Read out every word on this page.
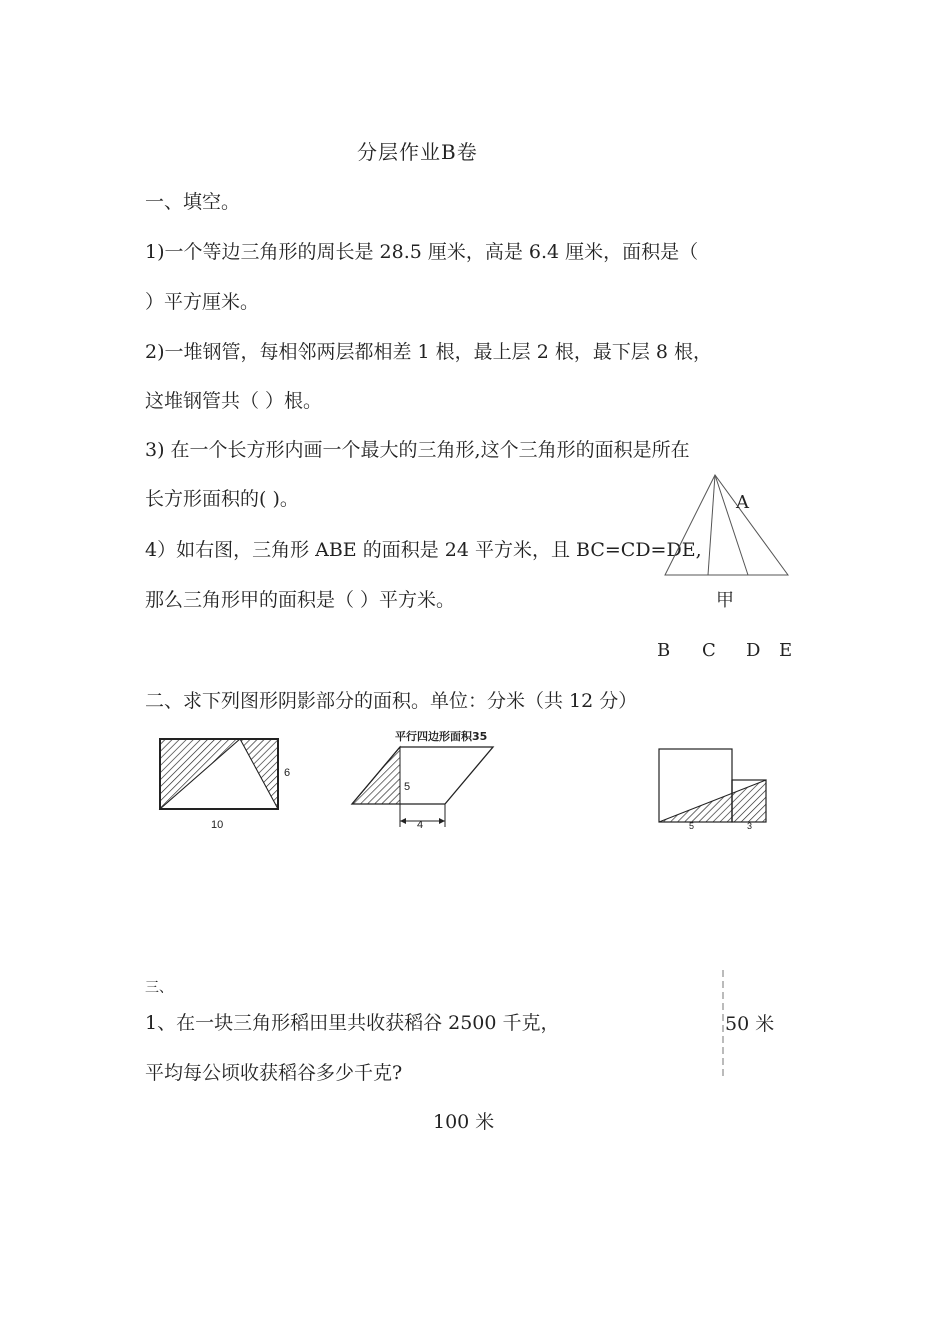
分层作业B卷
一、填空。
1)一个等边三角形的周长是 28.5 厘米，高是 6.4 厘米，面积是（
）平方厘米。
2)一堆钢管，每相邻两层都相差 1 根，最上层 2 根，最下层 8 根，
这堆钢管共（ ）根。
3) 在一个长方形内画一个最大的三角形,这个三角形的面积是所在
长方形面积的( )。
4）如右图，三角形 ABE 的面积是 24 平方米，且 BC=CD=DE,
那么三角形甲的面积是（ ）平方米。
A
甲
B C D E
二、求下列图形阴影部分的面积。单位：分米（共 12 分）
6
10
平行四边形面积35
5
4	5	3
三、
1、在一块三角形稻田里共收获稻谷 2500 千克，
平均每公顷收获稻谷多少千克?
50 米
100 米
